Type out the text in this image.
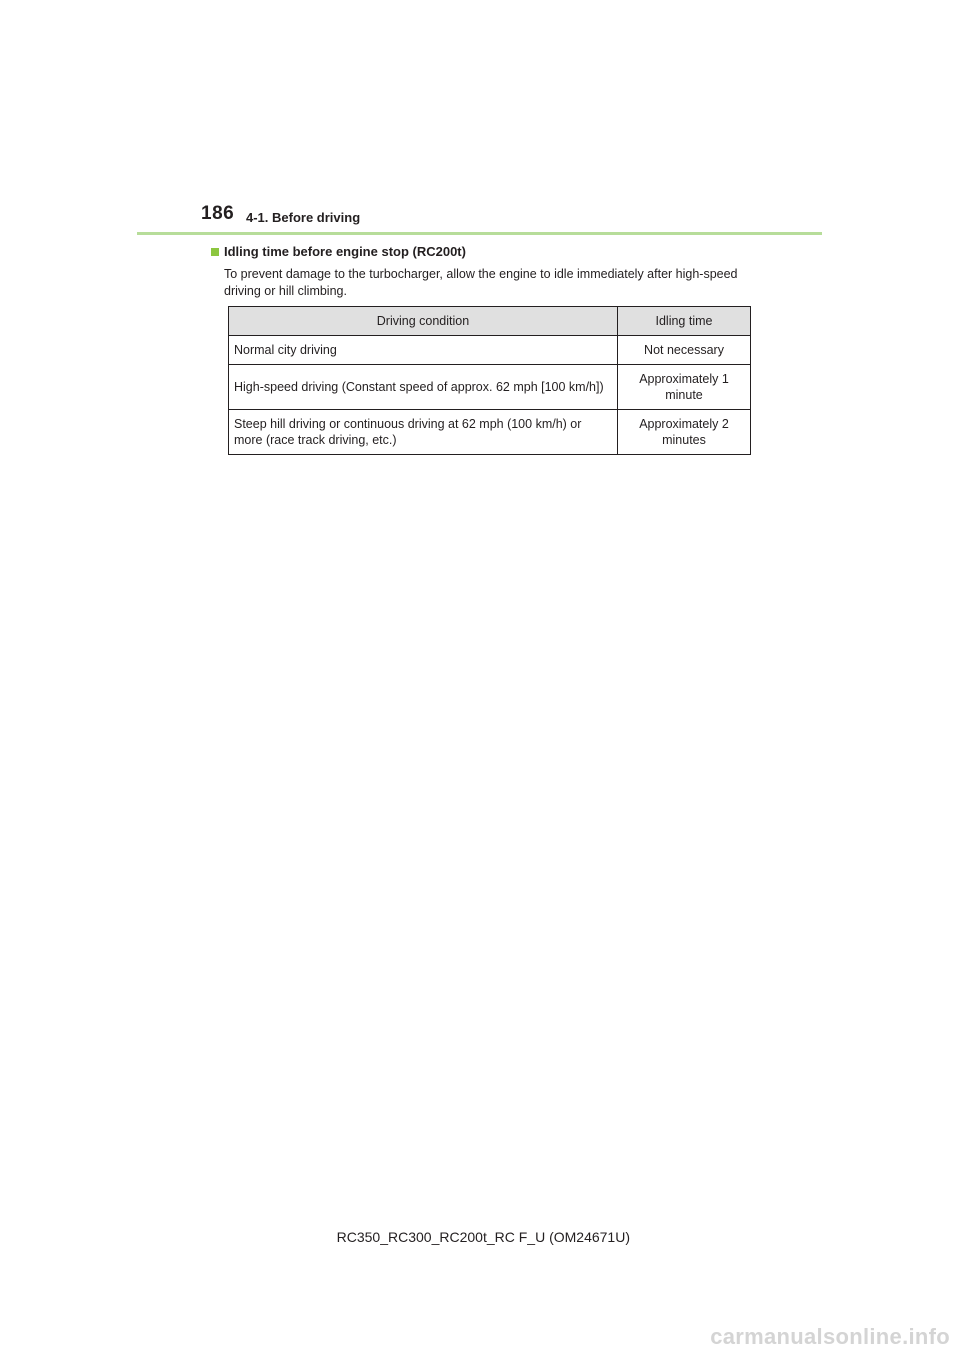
186 4-1. Before driving
Idling time before engine stop (RC200t)

To prevent damage to the turbocharger, allow the engine to idle immediately after high-speed driving or hill climbing.

Driving condition	Idling time
Normal city driving	Not necessary
High-speed driving (Constant speed of approx. 62 mph [100 km/h])	Approximately 1 minute
Steep hill driving or continuous driving at 62 mph (100 km/h) or more (race track driving, etc.)	Approximately 2 minutes
RC350_RC300_RC200t_RC F_U (OM24671U)
carmanualsonline.info
